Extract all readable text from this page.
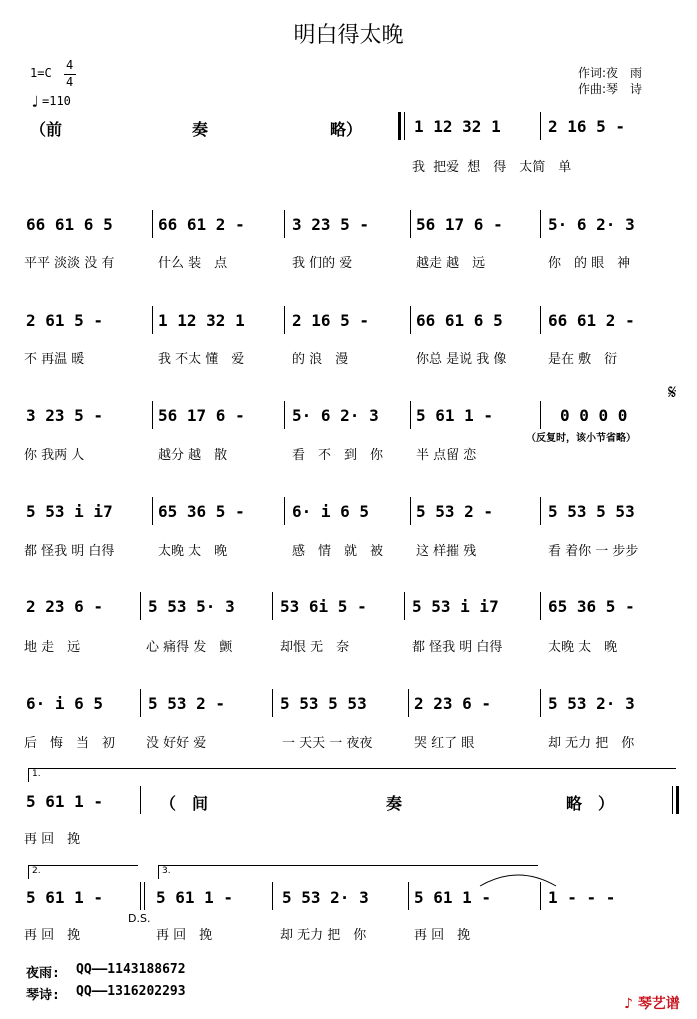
明白得太晚
1=C
4
4
♩ =110
作词:夜　雨
作曲:琴　诗
（前	奏	略）	1 12 32 1	2 16 5 -
我 把爱 想　得　太简　单
66 61 6 5	66 61 2 -	3 23 5 -	56 17 6 -	5· 6 2· 3
平平 淡淡 没 有	什么 装　点	我 们的 爱	越走 越　远	你　的 眼　神
2 61 5 -	1 12 32 1	2 16 5 -	66 61 6 5	66 61 2 -
不 再温 暖	我 不太 懂　爱	的 浪　漫	你总 是说 我 像	是在 敷　衍
𝄋
3 23 5 -	56 17 6 -	5· 6 2· 3 5 61 1 -	0 0 0 0
（反复时，该小节省略）
你 我两 人	越分 越　散	看　不　到　你	半 点留 恋
5 53 i i7	65 36 5 -	6· i 6 5	5 53 2 -	5 53 5 53
都 怪我 明 白得	太晚 太　晚	感　情　就　被	这 样摧 残	看 着你 一 步步
2 23 6 -	5 53 5· 3	53 6i 5 -	5 53 i i7	65 36 5 -
地 走　远	心 痛得 发　颤	却恨 无　奈	都 怪我 明 白得	太晚 太　晚
6· i 6 5	5 53 2 -	5 53 5 53	2 23 6 -	5 53 2· 3
后　悔　当　初 没 好好 爱	一 天天 一 夜夜	哭 红了 眼	却 无力 把　你
1.
5 61 1 -	（　间	奏	略　）
再 回　挽
2.	3.
5 61 1 -
D.S.
5 61 1 -	5 53 2· 3	5 61 1 -	1 - - -
再 回　挽	再 回　挽	却 无力 把　你	再 回　挽
夜雨: QQ——1143188672
琴诗: QQ——1316202293
♪ 琴艺谱
